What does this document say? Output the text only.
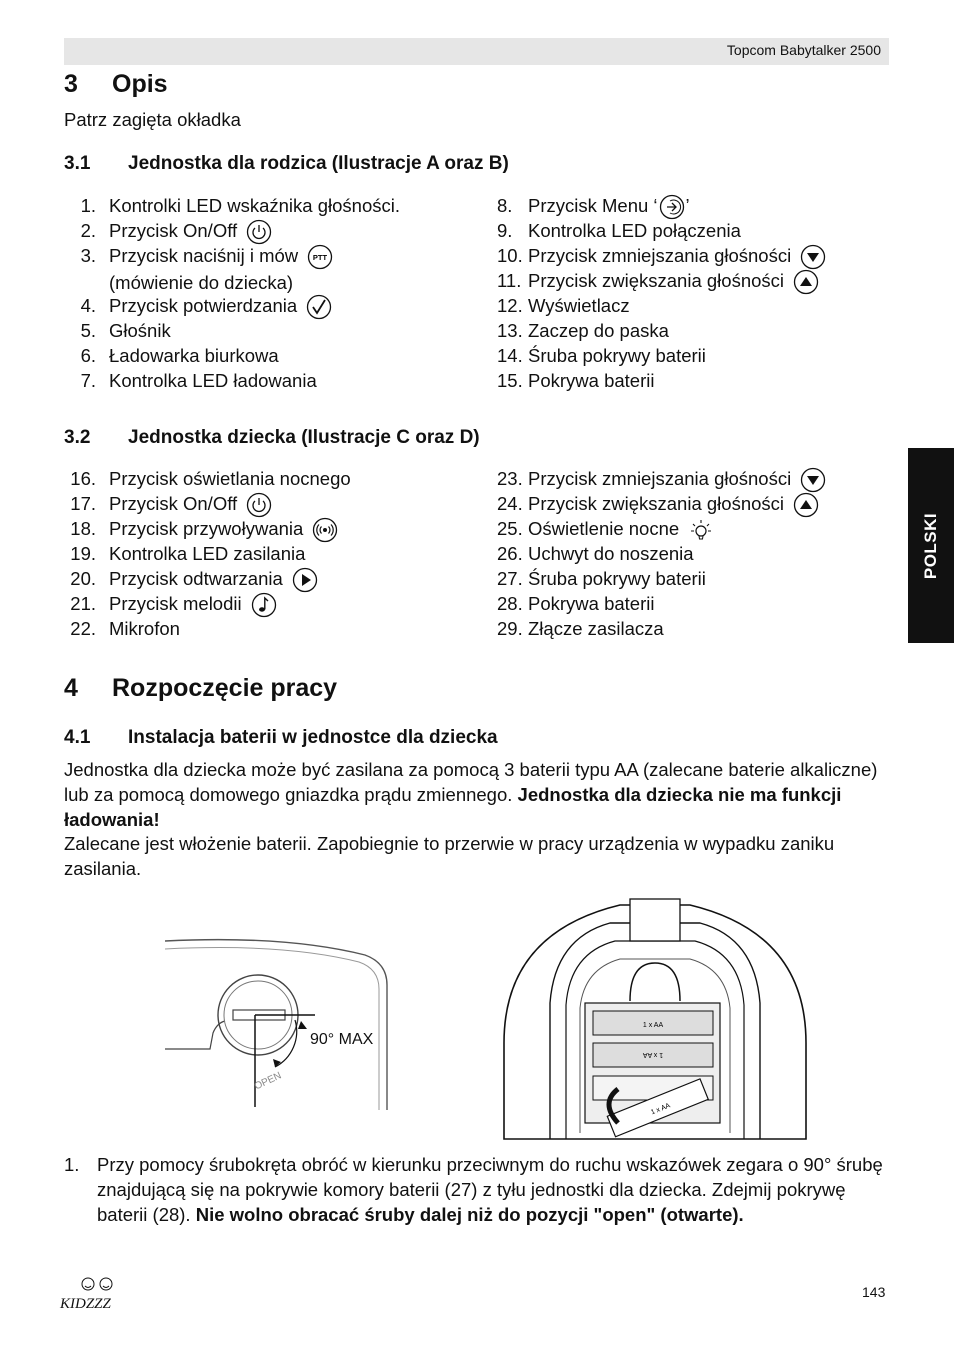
Topcom Babytalker 2500
3 Opis
Patrz zagięta okładka
3.1 Jednostka dla rodzica (Ilustracje A oraz B)
1. Kontrolki LED wskaźnika głośności.
2. Przycisk On/Off
3. Przycisk naciśnij i mów PTT

(mówienie do dziecka)
4. Przycisk potwierdzania
5. Głośnik
6. Ładowarka biurkowa
7. Kontrolka LED ładowania
8. Przycisk Menu ‘ ’
9. Kontrolka LED połączenia
10. Przycisk zmniejszania głośności
11. Przycisk zwiększania głośności
12. Wyświetlacz
13. Zaczep do paska
14. Śruba pokrywy baterii
15. Pokrywa baterii
3.2 Jednostka dziecka (Ilustracje C oraz D)
16. Przycisk oświetlania nocnego
17. Przycisk On/Off
18. Przycisk przywoływania
19. Kontrolka LED zasilania
20. Przycisk odtwarzania
21. Przycisk melodii
22. Mikrofon
23. Przycisk zmniejszania głośności
24. Przycisk zwiększania głośności
25. Oświetlenie nocne
26. Uchwyt do noszenia
27. Śruba pokrywy baterii
28. Pokrywa baterii
29. Złącze zasilacza
4 Rozpoczęcie pracy
4.1 Instalacja baterii w jednostce dla dziecka
Jednostka dla dziecka może być zasilana za pomocą 3 baterii typu AA (zalecane baterie alkaliczne) lub za pomocą domowego gniazdka prądu zmiennego. Jednostka dla dziecka nie ma funkcji ładowania!
Zalecane jest włożenie baterii. Zapobiegnie to przerwie w pracy urządzenia w wypadku zaniku zasilania.
90° MAX
OPEN
1 x AA
1 x AA
1 x AA
1. Przy pomocy śrubokręta obróć w kierunku przeciwnym do ruchu wskazówek zegara o 90° śrubę znajdującą się na pokrywie komory baterii (27) z tyłu jednostki dla dziecka. Zdejmij pokrywę baterii (28). Nie wolno obracać śruby dalej niż do pozycji "open" (otwarte).
POLSKI
KIDZZZ
143
